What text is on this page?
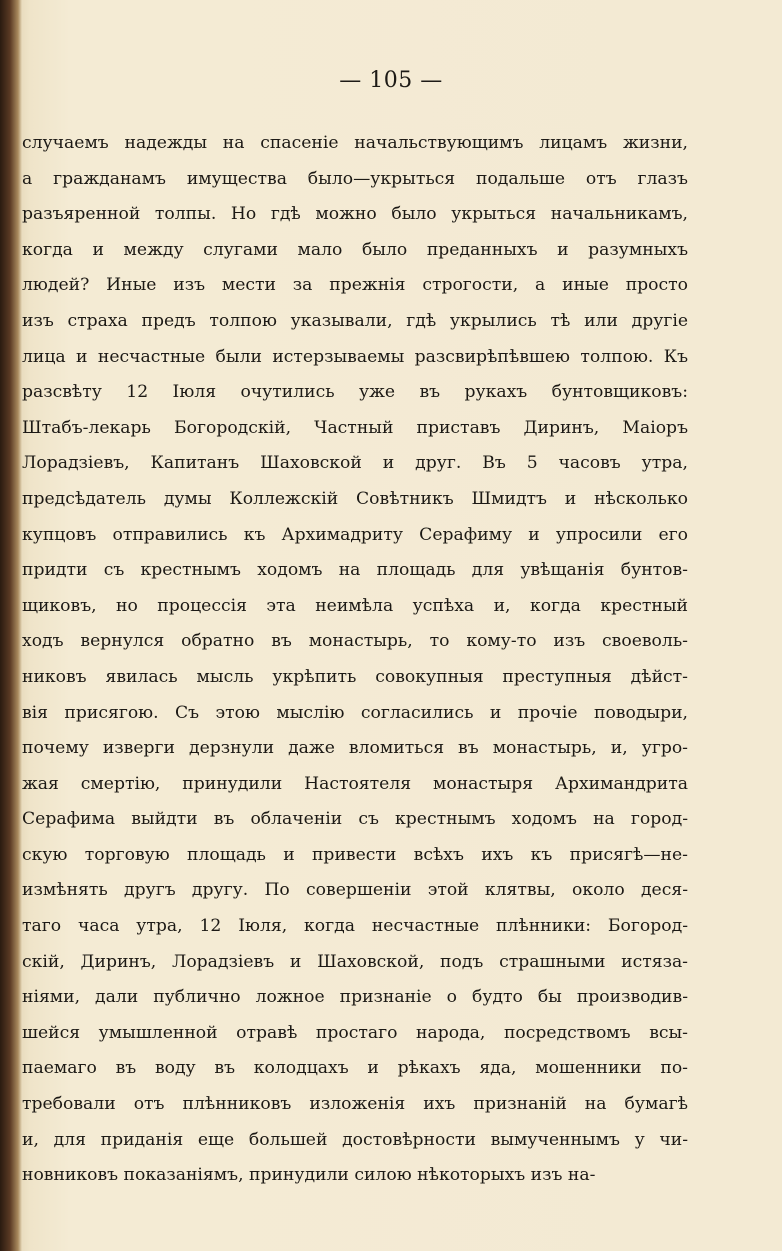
— 105 —
случаемъ надежды на спасеніе начальствующимъ лицамъ жизни,
а гражданамъ имущества было—укрыться подальше отъ глазъ
разъяренной толпы. Но гдѣ можно было укрыться начальникамъ,
когда и между слугами мало было преданныхъ и разумныхъ
людей? Иные изъ мести за прежнія строгости, а иные просто
изъ страха предъ толпою указывали, гдѣ укрылись тѣ или другіе
лица и несчастные были истерзываемы разсвирѣпѣвшею толпою. Къ
разсвѣту 12 Іюля очутились уже въ рукахъ бунтовщиковъ:
Штабъ-лекарь Богородскій, Частный приставъ Диринъ, Маіоръ
Лорадзіевъ, Капитанъ Шаховской и друг. Въ 5 часовъ утра,
предсѣдатель думы Коллежскій Совѣтникъ Шмидтъ и нѣсколько
купцовъ отправились къ Архимадриту Серафиму и упросили его
придти съ крестнымъ ходомъ на площадь для увѣщанія бунтов-
щиковъ, но процессія эта неимѣла успѣха и, когда крестный
ходъ вернулся обратно въ монастырь, то кому-то изъ своеволь-
никовъ явилась мысль укрѣпить совокупныя преступныя дѣйст-
вія присягою. Съ этою мыслію согласились и прочіе поводыри,
почему изверги дерзнули даже вломиться въ монастырь, и, угро-
жая смертію, принудили Настоятеля монастыря Архимандрита
Серафима выйдти въ облаченіи съ крестнымъ ходомъ на город-
скую торговую площадь и привести всѣхъ ихъ къ присягѣ—не-
измѣнять другъ другу. По совершеніи этой клятвы, около деся-
таго часа утра, 12 Іюля, когда несчастные плѣнники: Богород-
скій, Диринъ, Лорадзіевъ и Шаховской, подъ страшными истяза-
ніями, дали публично ложное признаніе о будто бы производив-
шейся умышленной отравѣ простаго народа, посредствомъ всы-
паемаго въ воду въ колодцахъ и рѣкахъ яда, мошенники по-
требовали отъ плѣнниковъ изложенія ихъ признаній на бумагѣ
и, для приданія еще большей достовѣрности вымученнымъ у чи-
новниковъ показаніямъ, принудили силою нѣкоторыхъ изъ на-
